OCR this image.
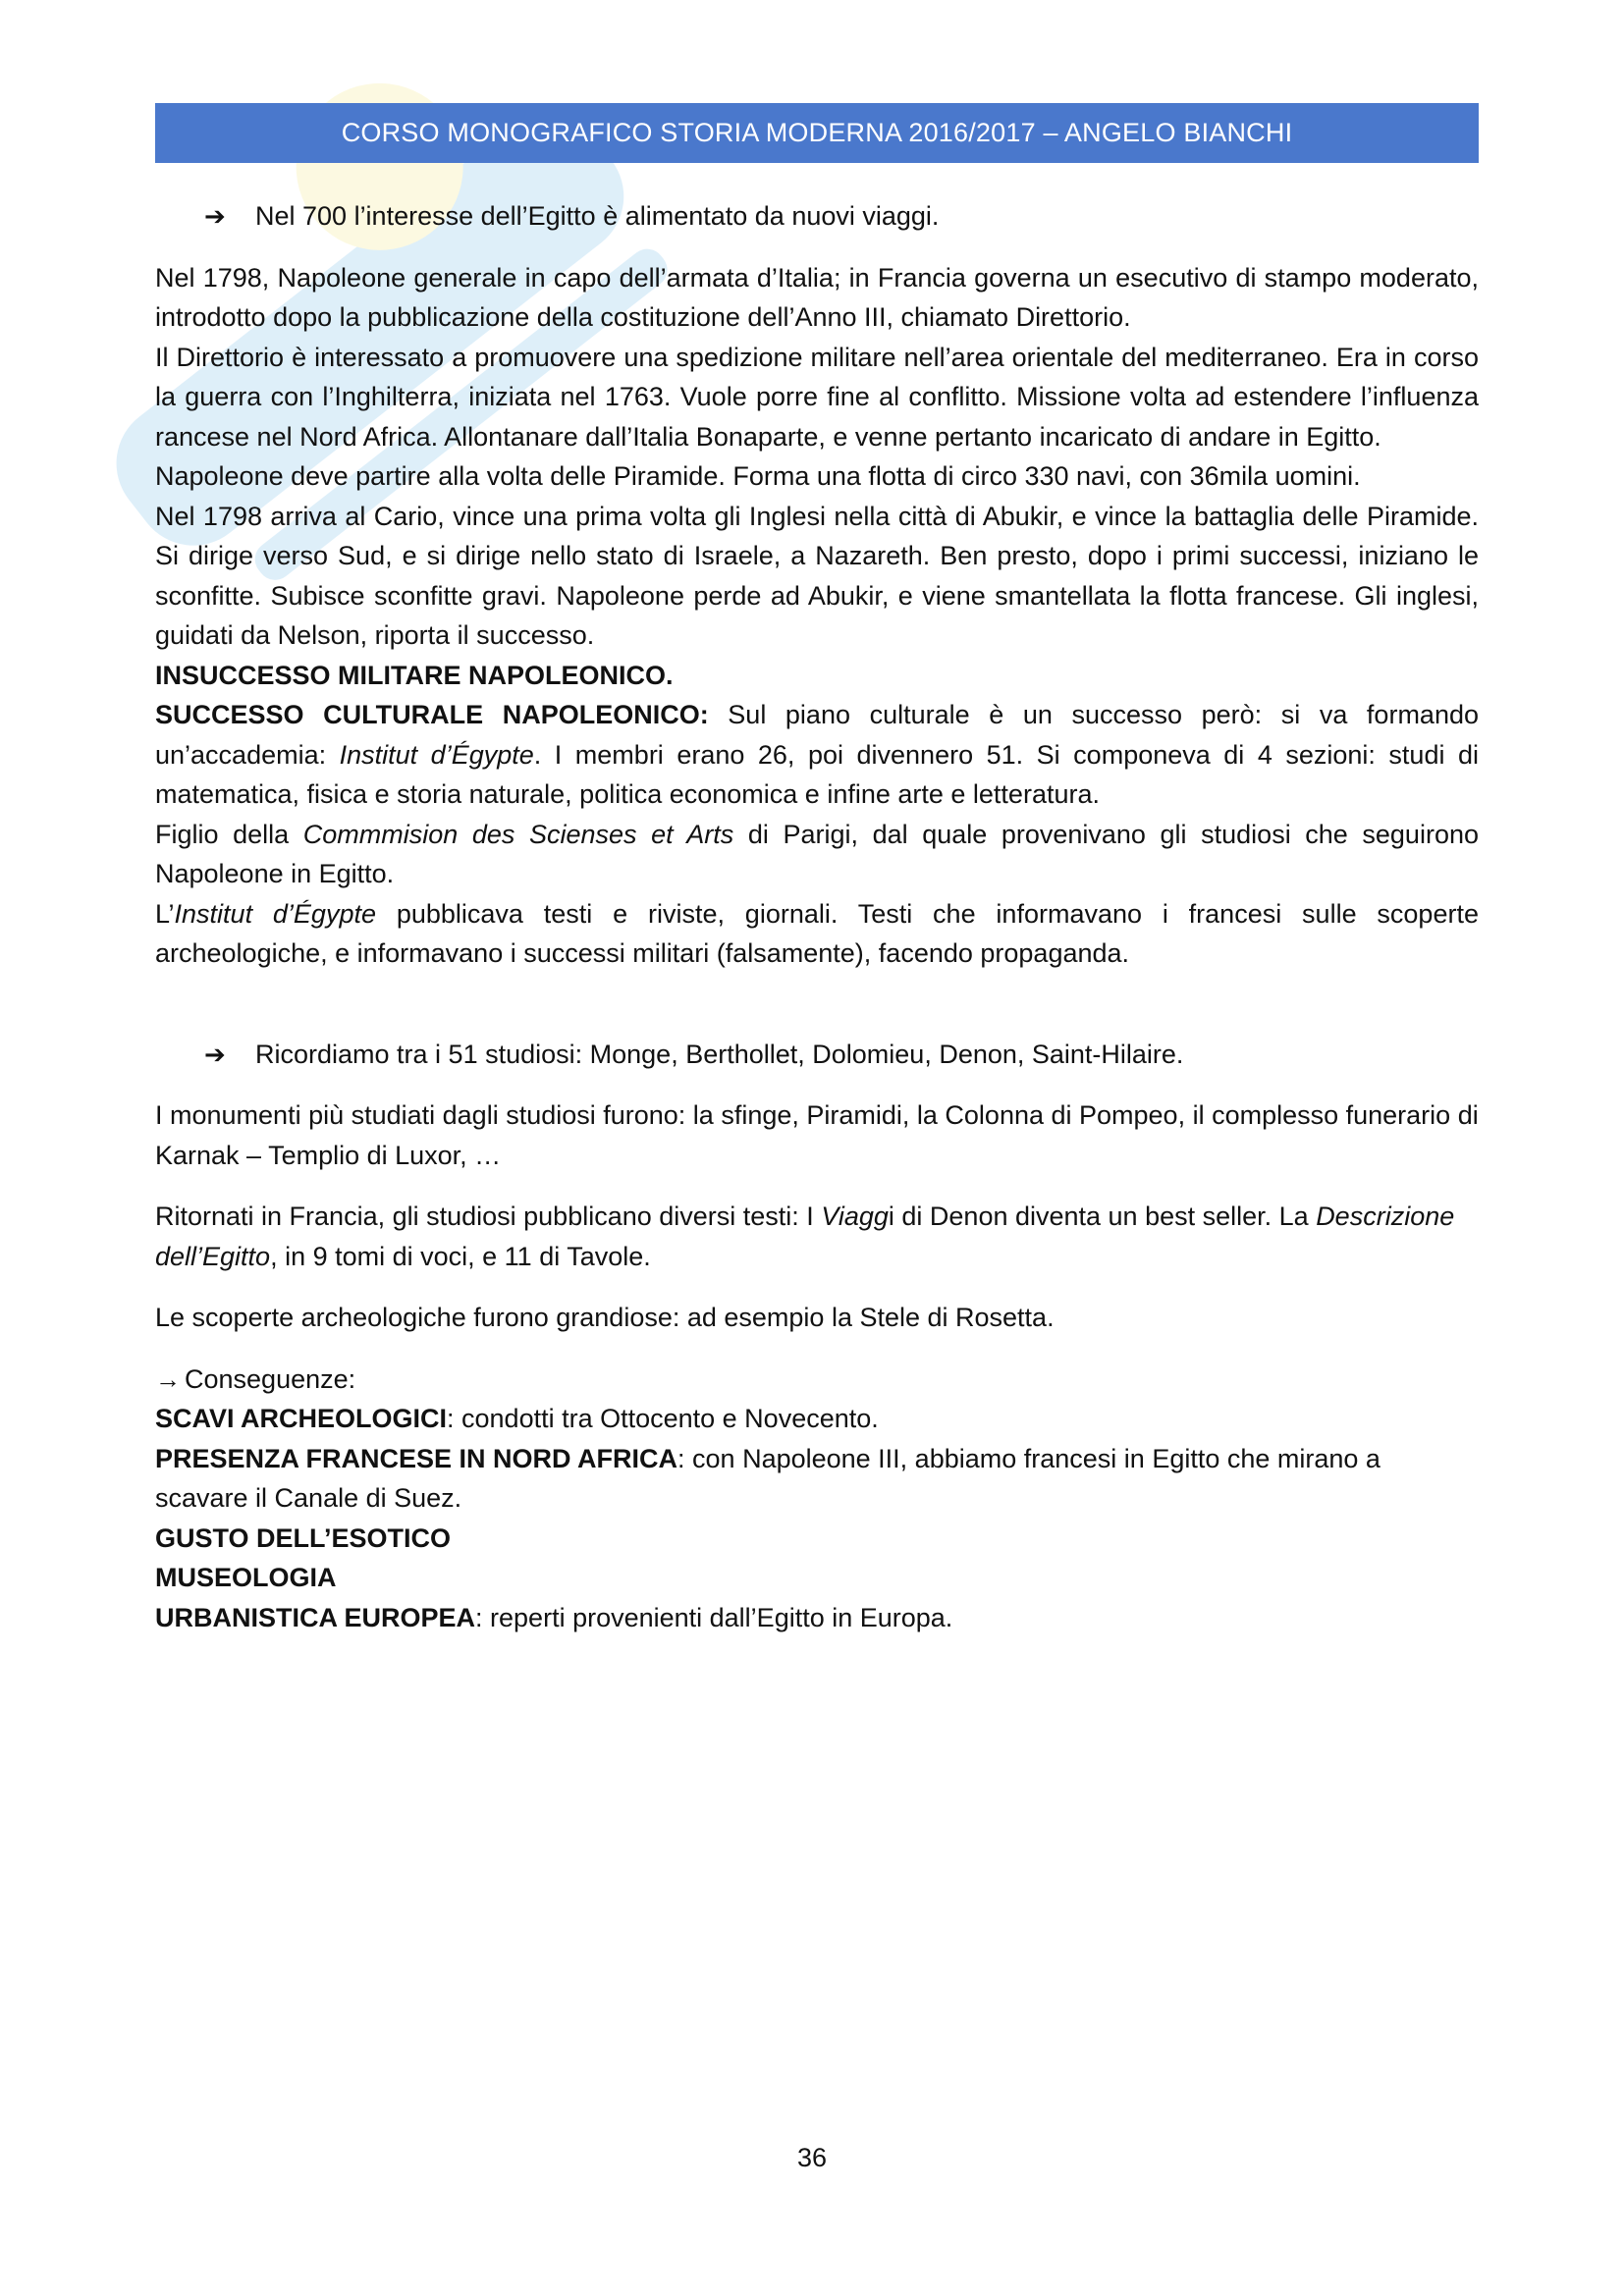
CORSO MONOGRAFICO STORIA MODERNA 2016/2017 – ANGELO BIANCHI

➔	Nel 700 l’interesse dell’Egitto è alimentato da nuovi viaggi.

Nel 1798, Napoleone generale in capo dell’armata d’Italia; in Francia governa un esecutivo di stampo moderato, introdotto dopo la pubblicazione della costituzione dell’Anno III, chiamato Direttorio.

Il Direttorio è interessato a promuovere una spedizione militare nell’area orientale del mediterraneo. Era in corso la guerra con l’Inghilterra, iniziata nel 1763. Vuole porre fine al conflitto. Missione volta ad estendere l’influenza rancese nel Nord Africa. Allontanare dall’Italia Bonaparte, e venne pertanto incaricato di andare in Egitto.

Napoleone deve partire alla volta delle Piramide. Forma una flotta di circo 330 navi, con 36mila uomini.

Nel 1798 arriva al Cario, vince una prima volta gli Inglesi nella città di Abukir, e vince la battaglia delle Piramide. Si dirige verso Sud, e si dirige nello stato di Israele, a Nazareth. Ben presto, dopo i primi successi, iniziano le sconfitte. Subisce sconfitte gravi. Napoleone perde ad Abukir, e viene smantellata la flotta francese. Gli inglesi, guidati da Nelson, riporta il successo.

INSUCCESSO MILITARE NAPOLEONICO.

SUCCESSO CULTURALE NAPOLEONICO: Sul piano culturale è un successo però: si va formando un’accademia: Institut d’Égypte. I membri erano 26, poi divennero 51. Si componeva di 4 sezioni: studi di matematica, fisica e storia naturale, politica economica e infine arte e letteratura.

Figlio della Commmision des Scienses et Arts di Parigi, dal quale provenivano gli studiosi che seguirono Napoleone in Egitto.

L’Institut d’Égypte pubblicava testi e riviste, giornali. Testi che informavano i francesi sulle scoperte archeologiche, e informavano i successi militari (falsamente), facendo propaganda.

➔	Ricordiamo tra i 51 studiosi: Monge, Berthollet, Dolomieu, Denon, Saint-Hilaire.

I monumenti più studiati dagli studiosi furono: la sfinge, Piramidi, la Colonna di Pompeo, il complesso funerario di Karnak – Templio di Luxor, …

Ritornati in Francia, gli studiosi pubblicano diversi testi: I Viaggi di Denon diventa un best seller. La Descrizione dell’Egitto, in 9 tomi di voci, e 11 di Tavole.

Le scoperte archeologiche furono grandiose: ad esempio la Stele di Rosetta.

→ Conseguenze:

SCAVI ARCHEOLOGICI: condotti tra Ottocento e Novecento.

PRESENZA FRANCESE IN NORD AFRICA: con Napoleone III, abbiamo francesi in Egitto che mirano a scavare il Canale di Suez.

GUSTO DELL’ESOTICO

MUSEOLOGIA

URBANISTICA EUROPEA: reperti provenienti dall’Egitto in Europa.

36
